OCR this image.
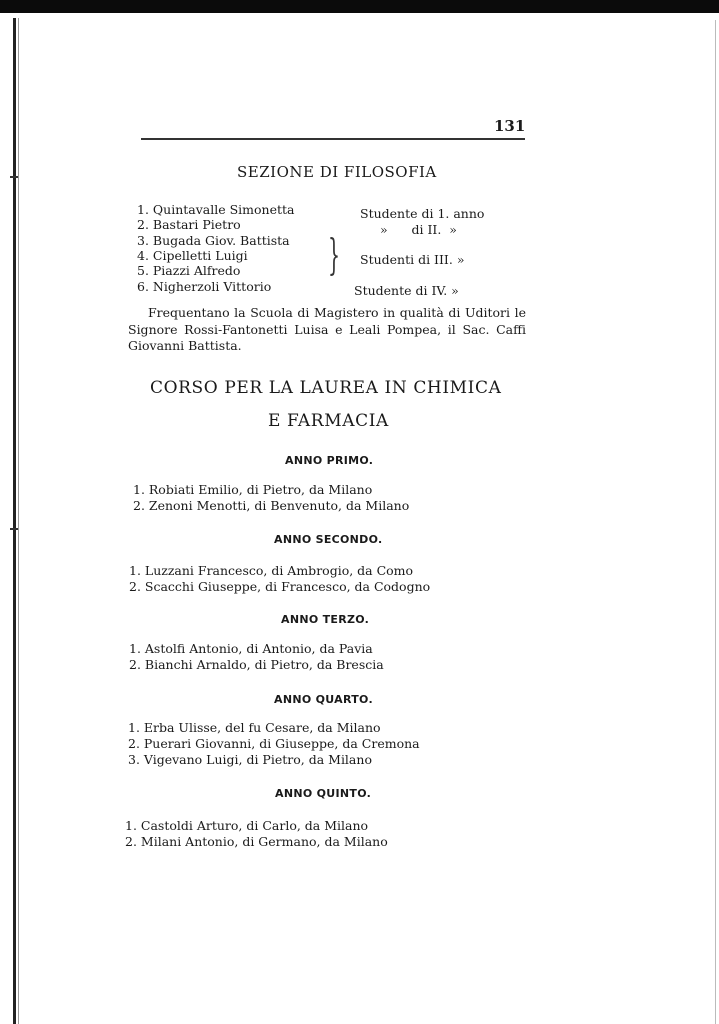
131
SEZIONE DI FILOSOFIA
1. Quintavalle Simonetta
2. Bastari Pietro
3. Bugada Giov. Battista
4. Cipelletti Luigi
5. Piazzi Alfredo
6. Nigherzoli Vittorio
}
Studente di 1. anno
»      di II.  »
Studenti di III. »
Studente di IV. »
Frequentano la Scuola di Magistero in qualità di Uditori le Signore Rossi-Fantonetti Luisa e Leali Pompea, il Sac. Caffi Giovanni Battista.
CORSO PER LA LAUREA IN CHIMICA
E FARMACIA
ANNO PRIMO.
1. Robiati Emilio, di Pietro, da Milano
2. Zenoni Menotti, di Benvenuto, da Milano
ANNO SECONDO.
1. Luzzani Francesco, di Ambrogio, da Como
2. Scacchi Giuseppe, di Francesco, da Codogno
ANNO TERZO.
1. Astolfi Antonio, di Antonio, da Pavia
2. Bianchi Arnaldo, di Pietro, da Brescia
ANNO QUARTO.
1. Erba Ulisse, del fu Cesare, da Milano
2. Puerari Giovanni, di Giuseppe, da Cremona
3. Vigevano Luigi, di Pietro, da Milano
ANNO QUINTO.
1. Castoldi Arturo, di Carlo, da Milano
2. Milani Antonio, di Germano, da Milano
